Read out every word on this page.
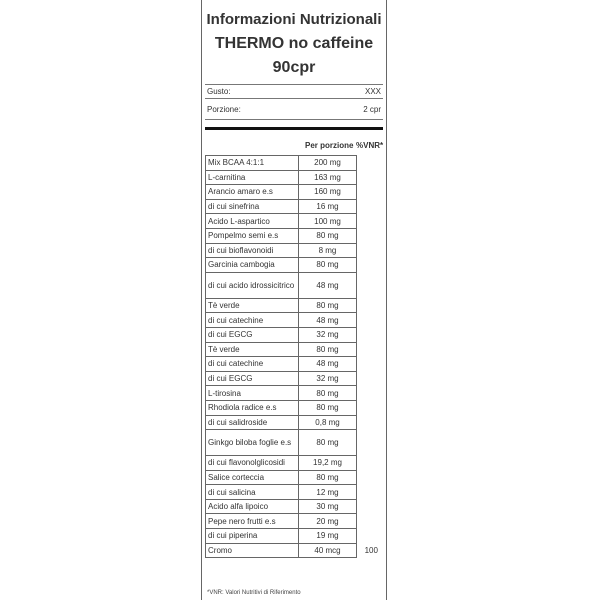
Informazioni Nutrizionali
THERMO no caffeine
90cpr
Gusto:	XXX
Porzione:	2 cpr
Per porzione %VNR*
Mix BCAA 4:1:1	200 mg	
L-carnitina	163 mg	
Arancio amaro e.s	160 mg	
di cui sinefrina	16 mg	
Acido L-aspartico	100 mg	
Pompelmo semi e.s	80 mg	
di cui bioflavonoidi	8 mg	
Garcinia cambogia	80 mg	
di cui acido idrossicitrico	48 mg	
Tè verde	80 mg	
di cui catechine	48 mg	
di cui EGCG	32 mg	
Tè verde	80 mg	
di cui catechine	48 mg	
di cui EGCG	32 mg	
L-tirosina	80 mg	
Rhodiola radice e.s	80 mg	
di cui salidroside	0,8 mg	
Ginkgo biloba foglie e.s	80 mg	
di cui flavonolglicosidi	19,2 mg	
Salice corteccia	80 mg	
di cui salicina	12 mg	
Acido alfa lipoico	30 mg	
Pepe nero frutti e.s	20 mg	
di cui piperina	19 mg	
Cromo	40 mcg	100
*VNR: Valori Nutritivi di Riferimento
